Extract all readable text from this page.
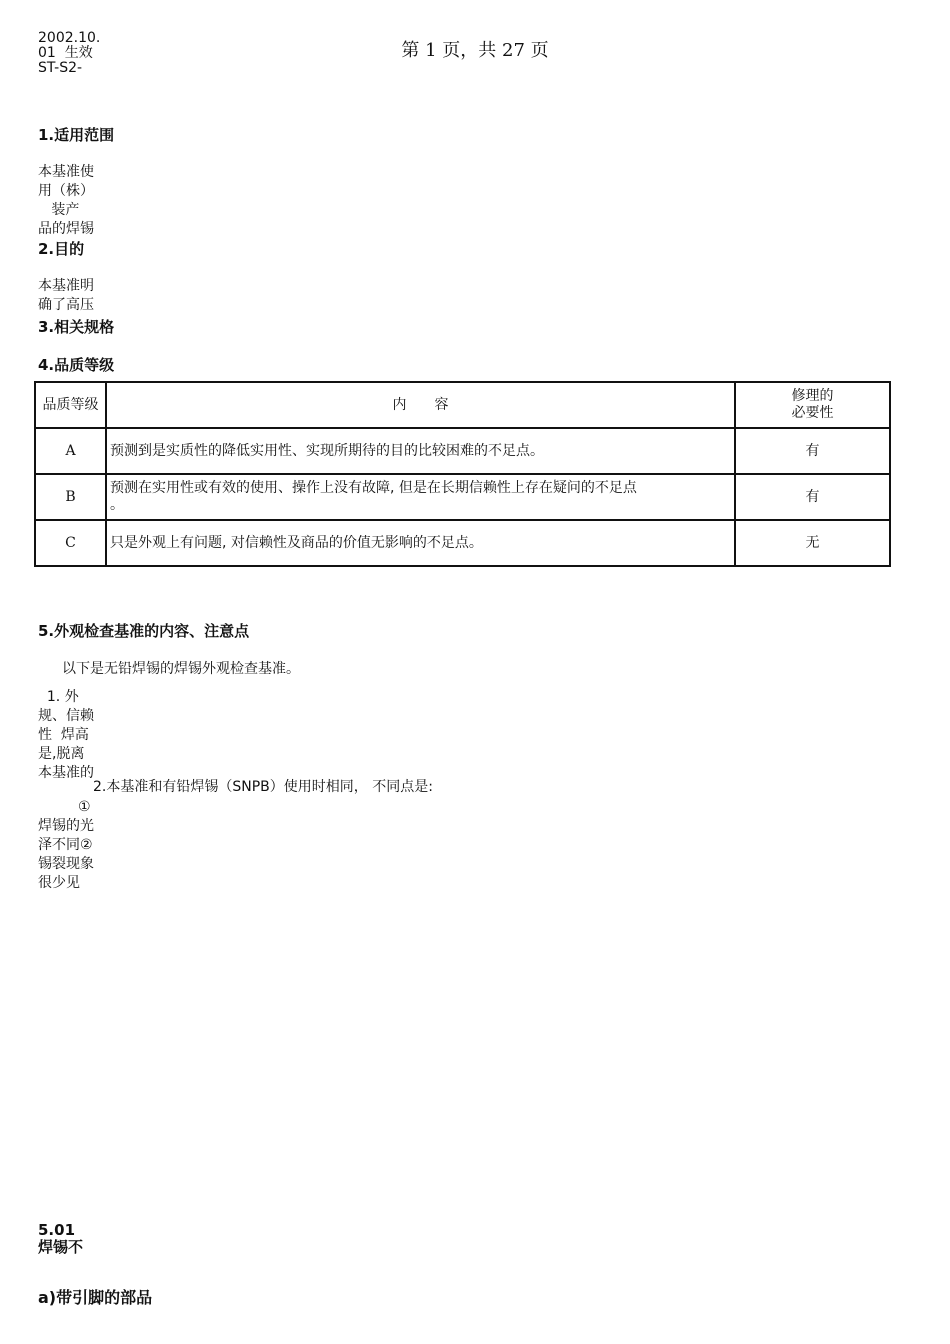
2002.10.
01  生效
ST-S2-
第 1 页，共 27 页
1.适用范围
本基准使
用（株）
装产
品的焊锡
2.目的
本基准明
确了高压
3.相关规格
4.品质等级
品质等级	内　　容	修理的
必要性
A	预测到是实质性的降低实用性、实现所期待的目的比较困难的不足点。	有
B	预测在实用性或有效的使用、操作上没有故障, 但是在长期信赖性上存在疑问的不足点
。	有
C	只是外观上有问题, 对信赖性及商品的价值无影响的不足点。	无
5.外观检查基准的内容、注意点
以下是无铅焊锡的焊锡外观检查基准。
1. 外
规、信赖
性  焊高
是,脱离
本基准的
2.本基准和有铅焊锡（SNPB）使用时相同， 不同点是:
①
焊锡的光
泽不同②
锡裂现象
很少见
5.01
焊锡不
a)带引脚的部品
